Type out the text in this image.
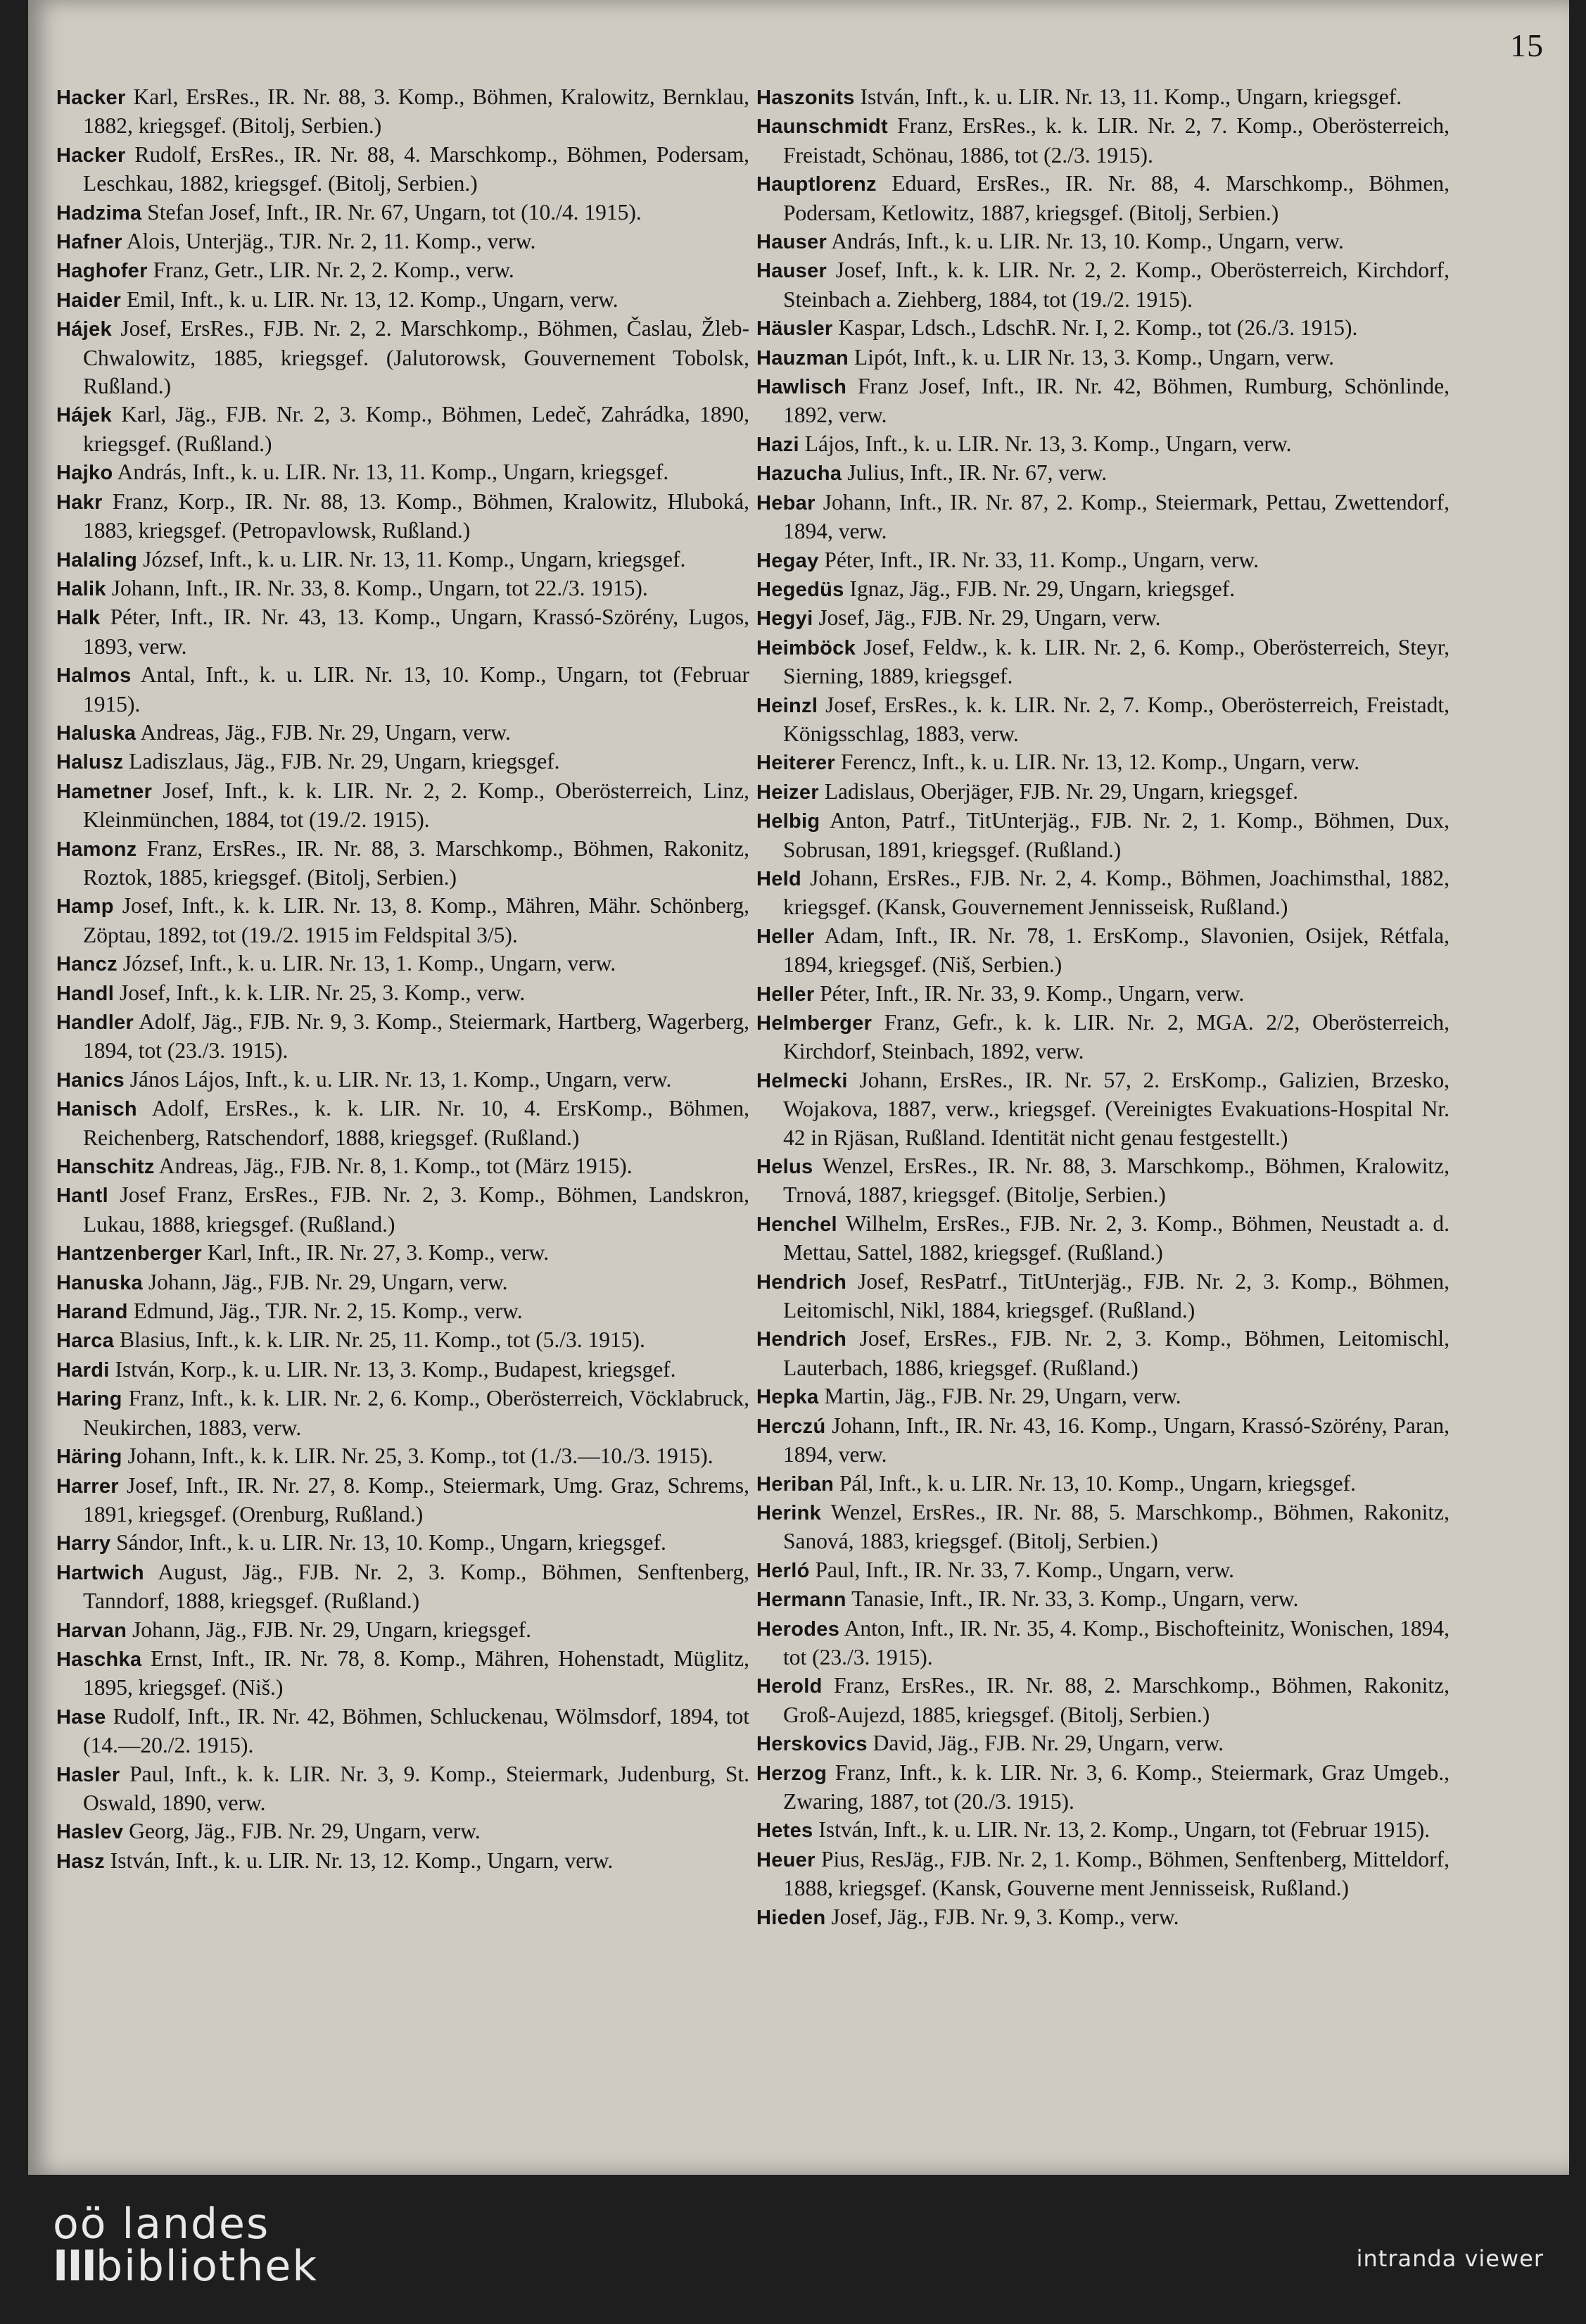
15

Hacker Karl, ErsRes., IR. Nr. 88, 3. Komp., Böhmen, Kralowitz, Bernklau, 1882, kriegsgef. (Bitolj, Serbien.)

Hacker Rudolf, ErsRes., IR. Nr. 88, 4. Marschkomp., Böhmen, Podersam, Leschkau, 1882, kriegsgef. (Bitolj, Serbien.)

Hadzima Stefan Josef, Inft., IR. Nr. 67, Ungarn, tot (10./4. 1915).

Hafner Alois, Unterjäg., TJR. Nr. 2, 11. Komp., verw.

Haghofer Franz, Getr., LIR. Nr. 2, 2. Komp., verw.

Haider Emil, Inft., k. u. LIR. Nr. 13, 12. Komp., Ungarn, verw.

Hájek Josef, ErsRes., FJB. Nr. 2, 2. Marschkomp., Böhmen, Časlau, Žleb-Chwalowitz, 1885, kriegsgef. (Jalutorowsk, Gouvernement Tobolsk, Rußland.)

Hájek Karl, Jäg., FJB. Nr. 2, 3. Komp., Böhmen, Ledeč, Zahrádka, 1890, kriegsgef. (Rußland.)

Hajko András, Inft., k. u. LIR. Nr. 13, 11. Komp., Ungarn, kriegsgef.

Hakr Franz, Korp., IR. Nr. 88, 13. Komp., Böhmen, Kralowitz, Hluboká, 1883, kriegsgef. (Petropavlowsk, Rußland.)

Halaling József, Inft., k. u. LIR. Nr. 13, 11. Komp., Ungarn, kriegsgef.

Halik Johann, Inft., IR. Nr. 33, 8. Komp., Ungarn, tot 22./3. 1915).

Halk Péter, Inft., IR. Nr. 43, 13. Komp., Ungarn, Krassó-Szörény, Lugos, 1893, verw.

Halmos Antal, Inft., k. u. LIR. Nr. 13, 10. Komp., Ungarn, tot (Februar 1915).

Haluska Andreas, Jäg., FJB. Nr. 29, Ungarn, verw.

Halusz Ladiszlaus, Jäg., FJB. Nr. 29, Ungarn, kriegsgef.

Hametner Josef, Inft., k. k. LIR. Nr. 2, 2. Komp., Oberösterreich, Linz, Kleinmünchen, 1884, tot (19./2. 1915).

Hamonz Franz, ErsRes., IR. Nr. 88, 3. Marschkomp., Böhmen, Rakonitz, Roztok, 1885, kriegsgef. (Bitolj, Serbien.)

Hamp Josef, Inft., k. k. LIR. Nr. 13, 8. Komp., Mähren, Mähr. Schönberg, Zöptau, 1892, tot (19./2. 1915 im Feldspital 3/5).

Hancz József, Inft., k. u. LIR. Nr. 13, 1. Komp., Ungarn, verw.

Handl Josef, Inft., k. k. LIR. Nr. 25, 3. Komp., verw.

Handler Adolf, Jäg., FJB. Nr. 9, 3. Komp., Steiermark, Hartberg, Wagerberg, 1894, tot (23./3. 1915).

Hanics János Lájos, Inft., k. u. LIR. Nr. 13, 1. Komp., Ungarn, verw.

Hanisch Adolf, ErsRes., k. k. LIR. Nr. 10, 4. ErsKomp., Böhmen, Reichenberg, Ratschendorf, 1888, kriegsgef. (Rußland.)

Hanschitz Andreas, Jäg., FJB. Nr. 8, 1. Komp., tot (März 1915).

Hantl Josef Franz, ErsRes., FJB. Nr. 2, 3. Komp., Böhmen, Landskron, Lukau, 1888, kriegsgef. (Rußland.)

Hantzenberger Karl, Inft., IR. Nr. 27, 3. Komp., verw.

Hanuska Johann, Jäg., FJB. Nr. 29, Ungarn, verw.

Harand Edmund, Jäg., TJR. Nr. 2, 15. Komp., verw.

Harca Blasius, Inft., k. k. LIR. Nr. 25, 11. Komp., tot (5./3. 1915).

Hardi István, Korp., k. u. LIR. Nr. 13, 3. Komp., Budapest, kriegsgef.

Haring Franz, Inft., k. k. LIR. Nr. 2, 6. Komp., Oberösterreich, Vöcklabruck, Neukirchen, 1883, verw.

Häring Johann, Inft., k. k. LIR. Nr. 25, 3. Komp., tot (1./3.—10./3. 1915).

Harrer Josef, Inft., IR. Nr. 27, 8. Komp., Steiermark, Umg. Graz, Schrems, 1891, kriegsgef. (Orenburg, Rußland.)

Harry Sándor, Inft., k. u. LIR. Nr. 13, 10. Komp., Ungarn, kriegsgef.

Hartwich August, Jäg., FJB. Nr. 2, 3. Komp., Böhmen, Senftenberg, Tanndorf, 1888, kriegsgef. (Rußland.)

Harvan Johann, Jäg., FJB. Nr. 29, Ungarn, kriegsgef.

Haschka Ernst, Inft., IR. Nr. 78, 8. Komp., Mähren, Hohenstadt, Müglitz, 1895, kriegsgef. (Niš.)

Hase Rudolf, Inft., IR. Nr. 42, Böhmen, Schluckenau, Wölmsdorf, 1894, tot (14.—20./2. 1915).

Hasler Paul, Inft., k. k. LIR. Nr. 3, 9. Komp., Steiermark, Judenburg, St. Oswald, 1890, verw.

Haslev Georg, Jäg., FJB. Nr. 29, Ungarn, verw.

Hasz István, Inft., k. u. LIR. Nr. 13, 12. Komp., Ungarn, verw.

Haszonits István, Inft., k. u. LIR. Nr. 13, 11. Komp., Ungarn, kriegsgef.

Haunschmidt Franz, ErsRes., k. k. LIR. Nr. 2, 7. Komp., Oberösterreich, Freistadt, Schönau, 1886, tot (2./3. 1915).

Hauptlorenz Eduard, ErsRes., IR. Nr. 88, 4. Marschkomp., Böhmen, Podersam, Ketlowitz, 1887, kriegsgef. (Bitolj, Serbien.)

Hauser András, Inft., k. u. LIR. Nr. 13, 10. Komp., Ungarn, verw.

Hauser Josef, Inft., k. k. LIR. Nr. 2, 2. Komp., Oberösterreich, Kirchdorf, Steinbach a. Ziehberg, 1884, tot (19./2. 1915).

Häusler Kaspar, Ldsch., LdschR. Nr. I, 2. Komp., tot (26./3. 1915).

Hauzman Lipót, Inft., k. u. LIR Nr. 13, 3. Komp., Ungarn, verw.

Hawlisch Franz Josef, Inft., IR. Nr. 42, Böhmen, Rumburg, Schönlinde, 1892, verw.

Hazi Lájos, Inft., k. u. LIR. Nr. 13, 3. Komp., Ungarn, verw.

Hazucha Julius, Inft., IR. Nr. 67, verw.

Hebar Johann, Inft., IR. Nr. 87, 2. Komp., Steiermark, Pettau, Zwettendorf, 1894, verw.

Hegay Péter, Inft., IR. Nr. 33, 11. Komp., Ungarn, verw.

Hegedüs Ignaz, Jäg., FJB. Nr. 29, Ungarn, kriegsgef.

Hegyi Josef, Jäg., FJB. Nr. 29, Ungarn, verw.

Heimböck Josef, Feldw., k. k. LIR. Nr. 2, 6. Komp., Oberösterreich, Steyr, Sierning, 1889, kriegsgef.

Heinzl Josef, ErsRes., k. k. LIR. Nr. 2, 7. Komp., Oberösterreich, Freistadt, Königsschlag, 1883, verw.

Heiterer Ferencz, Inft., k. u. LIR. Nr. 13, 12. Komp., Ungarn, verw.

Heizer Ladislaus, Oberjäger, FJB. Nr. 29, Ungarn, kriegsgef.

Helbig Anton, Patrf., TitUnterjäg., FJB. Nr. 2, 1. Komp., Böhmen, Dux, Sobrusan, 1891, kriegsgef. (Rußland.)

Held Johann, ErsRes., FJB. Nr. 2, 4. Komp., Böhmen, Joachimsthal, 1882, kriegsgef. (Kansk, Gouvernement Jennisseisk, Rußland.)

Heller Adam, Inft., IR. Nr. 78, 1. ErsKomp., Slavonien, Osijek, Rétfala, 1894, kriegsgef. (Niš, Serbien.)

Heller Péter, Inft., IR. Nr. 33, 9. Komp., Ungarn, verw.

Helmberger Franz, Gefr., k. k. LIR. Nr. 2, MGA. 2/2, Oberösterreich, Kirchdorf, Steinbach, 1892, verw.

Helmecki Johann, ErsRes., IR. Nr. 57, 2. ErsKomp., Galizien, Brzesko, Wojakova, 1887, verw., kriegsgef. (Vereinigtes Evakuations-Hospital Nr. 42 in Rjäsan, Rußland. Identität nicht genau festgestellt.)

Helus Wenzel, ErsRes., IR. Nr. 88, 3. Marschkomp., Böhmen, Kralowitz, Trnová, 1887, kriegsgef. (Bitolje, Serbien.)

Henchel Wilhelm, ErsRes., FJB. Nr. 2, 3. Komp., Böhmen, Neustadt a. d. Mettau, Sattel, 1882, kriegsgef. (Rußland.)

Hendrich Josef, ResPatrf., TitUnterjäg., FJB. Nr. 2, 3. Komp., Böhmen, Leitomischl, Nikl, 1884, kriegsgef. (Rußland.)

Hendrich Josef, ErsRes., FJB. Nr. 2, 3. Komp., Böhmen, Leitomischl, Lauterbach, 1886, kriegsgef. (Rußland.)

Hepka Martin, Jäg., FJB. Nr. 29, Ungarn, verw.

Herczú Johann, Inft., IR. Nr. 43, 16. Komp., Ungarn, Krassó-Szörény, Paran, 1894, verw.

Heriban Pál, Inft., k. u. LIR. Nr. 13, 10. Komp., Ungarn, kriegsgef.

Herink Wenzel, ErsRes., IR. Nr. 88, 5. Marschkomp., Böhmen, Rakonitz, Sanová, 1883, kriegsgef. (Bitolj, Serbien.)

Herló Paul, Inft., IR. Nr. 33, 7. Komp., Ungarn, verw.

Hermann Tanasie, Inft., IR. Nr. 33, 3. Komp., Ungarn, verw.

Herodes Anton, Inft., IR. Nr. 35, 4. Komp., Bischofteinitz, Wonischen, 1894, tot (23./3. 1915).

Herold Franz, ErsRes., IR. Nr. 88, 2. Marschkomp., Böhmen, Rakonitz, Groß-Aujezd, 1885, kriegsgef. (Bitolj, Serbien.)

Herskovics David, Jäg., FJB. Nr. 29, Ungarn, verw.

Herzog Franz, Inft., k. k. LIR. Nr. 3, 6. Komp., Steiermark, Graz Umgeb., Zwaring, 1887, tot (20./3. 1915).

Hetes István, Inft., k. u. LIR. Nr. 13, 2. Komp., Ungarn, tot (Februar 1915).

Heuer Pius, ResJäg., FJB. Nr. 2, 1. Komp., Böhmen, Senftenberg, Mitteldorf, 1888, kriegsgef. (Kansk, Gouverne ment Jennisseisk, Rußland.)

Hieden Josef, Jäg., FJB. Nr. 9, 3. Komp., verw.

oö landes
IIIbibliothek	intranda viewer
